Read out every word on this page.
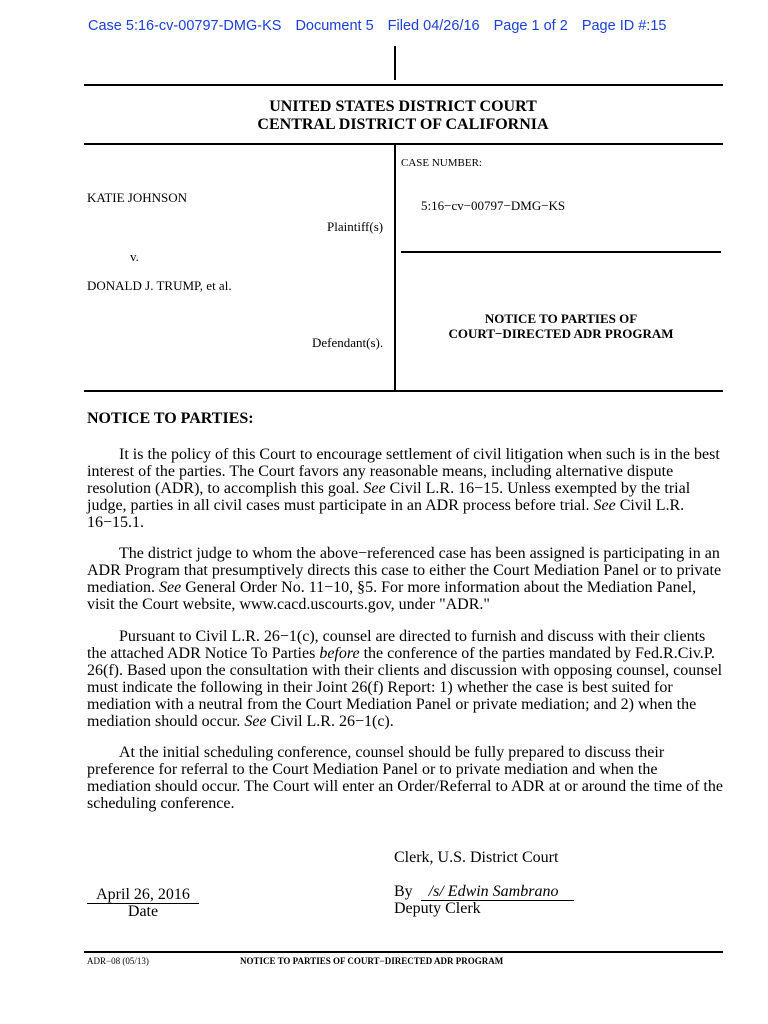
Case 5:16-cv-00797-DMG-KS Document 5 Filed 04/26/16 Page 1 of 2 Page ID #:15
UNITED STATES DISTRICT COURT
CENTRAL DISTRICT OF CALIFORNIA
KATIE JOHNSON
Plaintiff(s)
v.
DONALD J. TRUMP, et al.
Defendant(s).
CASE NUMBER:
5:16−cv−00797−DMG−KS
NOTICE TO PARTIES OF
COURT−DIRECTED ADR PROGRAM
NOTICE TO PARTIES:
It is the policy of this Court to encourage settlement of civil litigation when such is in the best interest of the parties. The Court favors any reasonable means, including alternative dispute resolution (ADR), to accomplish this goal. See Civil L.R. 16−15. Unless exempted by the trial judge, parties in all civil cases must participate in an ADR process before trial. See Civil L.R. 16−15.1.
The district judge to whom the above−referenced case has been assigned is participating in an ADR Program that presumptively directs this case to either the Court Mediation Panel or to private mediation. See General Order No. 11−10, §5. For more information about the Mediation Panel, visit the Court website, www.cacd.uscourts.gov, under "ADR."
Pursuant to Civil L.R. 26−1(c), counsel are directed to furnish and discuss with their clients the attached ADR Notice To Parties before the conference of the parties mandated by Fed.R.Civ.P. 26(f). Based upon the consultation with their clients and discussion with opposing counsel, counsel must indicate the following in their Joint 26(f) Report: 1) whether the case is best suited for mediation with a neutral from the Court Mediation Panel or private mediation; and 2) when the mediation should occur. See Civil L.R. 26−1(c).
At the initial scheduling conference, counsel should be fully prepared to discuss their preference for referral to the Court Mediation Panel or to private mediation and when the mediation should occur. The Court will enter an Order/Referral to ADR at or around the time of the scheduling conference.
Clerk, U.S. District Court
By /s/ Edwin Sambrano
Deputy Clerk
April 26, 2016
Date
ADR−08 (05/13)	NOTICE TO PARTIES OF COURT−DIRECTED ADR PROGRAM
